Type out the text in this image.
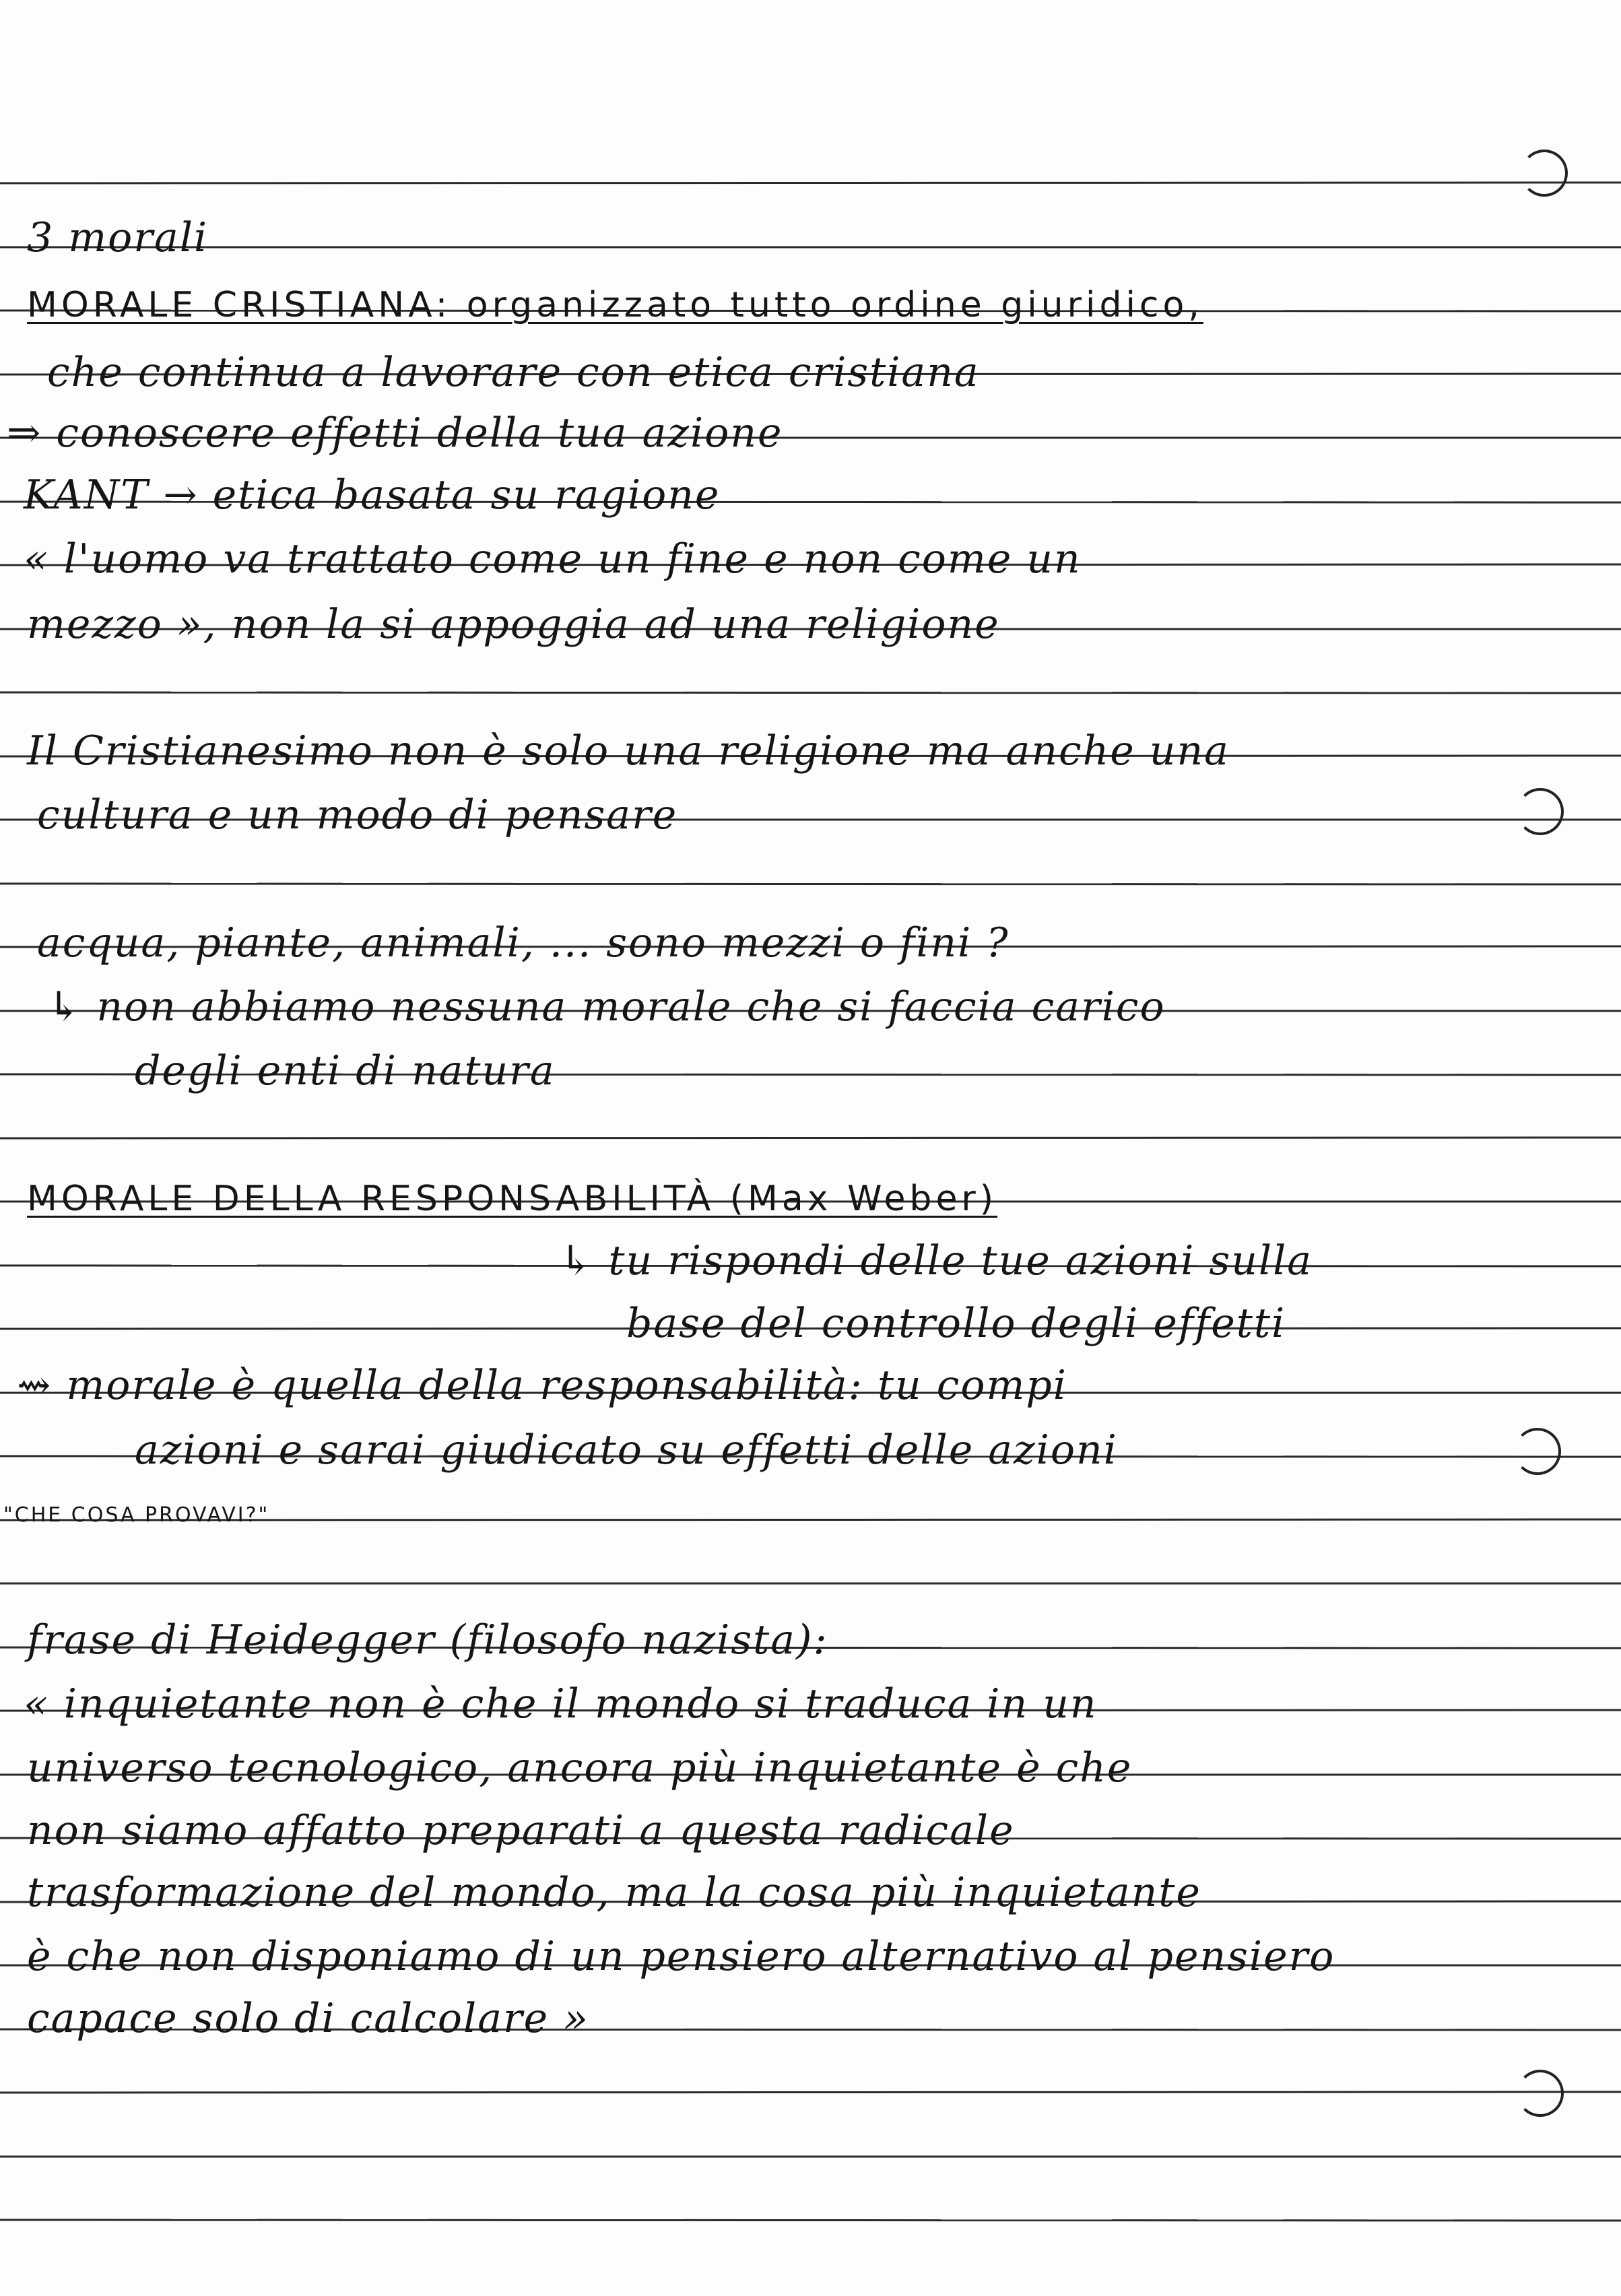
3 morali
MORALE CRISTIANA: organizzato tutto ordine giuridico,
che continua a lavorare con etica cristiana
⇒ conoscere effetti della tua azione
KANT → etica basata su ragione
« l'uomo va trattato come un fine e non come un
mezzo », non la si appoggia ad una religione
Il Cristianesimo non è solo una religione ma anche una
cultura e un modo di pensare
acqua, piante, animali, ... sono mezzi o fini ?
↳ non abbiamo nessuna morale che si faccia carico
degli enti di natura
MORALE DELLA RESPONSABILITÀ (Max Weber)
↳ tu rispondi delle tue azioni sulla
base del controllo degli effetti
⇝ morale è quella della responsabilità: tu compi
azioni e sarai giudicato su effetti delle azioni
"CHE COSA PROVAVI?"
frase di Heidegger (filosofo nazista):
« inquietante non è che il mondo si traduca in un
universo tecnologico, ancora più inquietante è che
non siamo affatto preparati a questa radicale
trasformazione del mondo, ma la cosa più inquietante
è che non disponiamo di un pensiero alternativo al pensiero
capace solo di calcolare »
